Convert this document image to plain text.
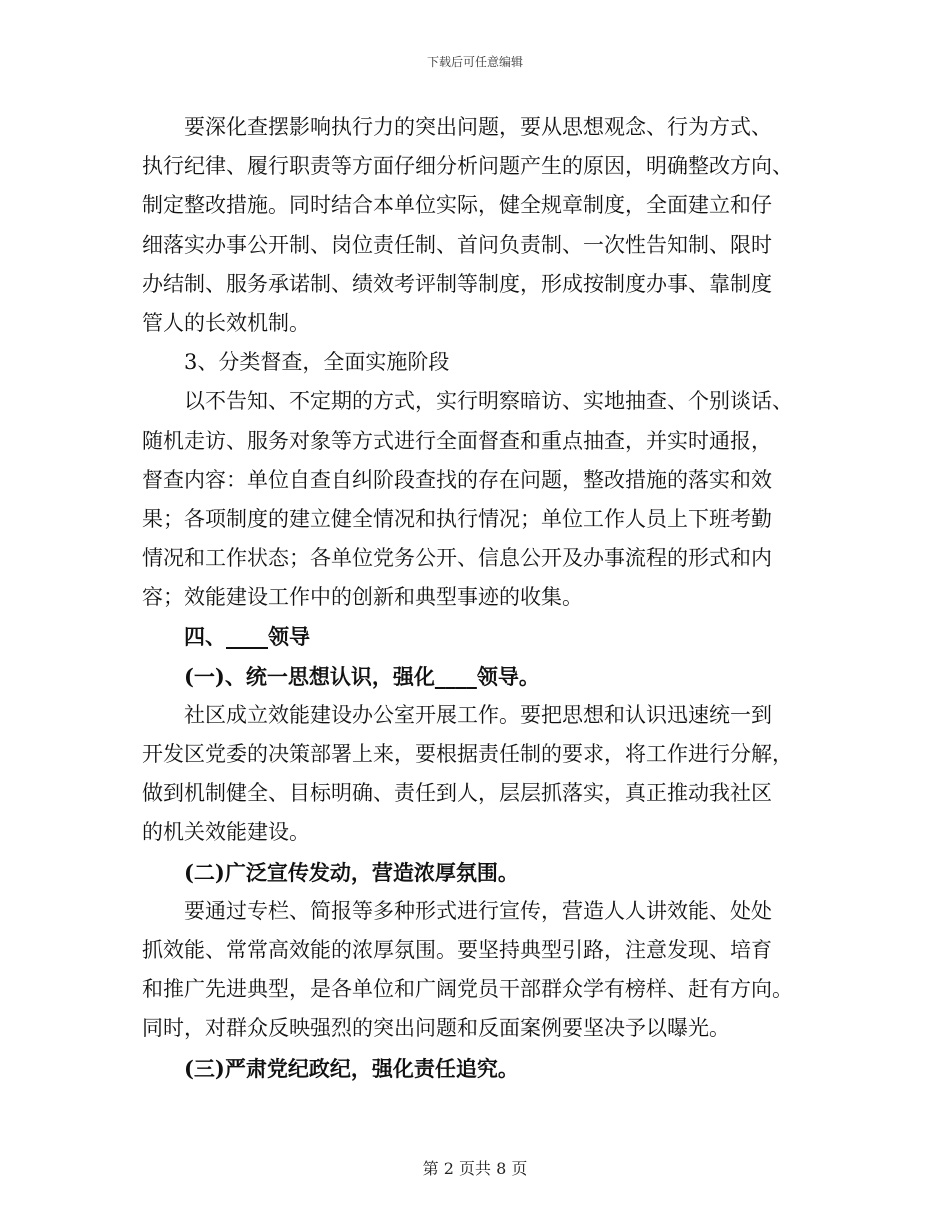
下载后可任意编辑
要深化查摆影响执行力的突出问题，要从思想观念、行为方式、
执行纪律、履行职责等方面仔细分析问题产生的原因，明确整改方向、
制定整改措施。同时结合本单位实际，健全规章制度，全面建立和仔
细落实办事公开制、岗位责任制、首问负责制、一次性告知制、限时
办结制、服务承诺制、绩效考评制等制度，形成按制度办事、靠制度
管人的长效机制。
3、分类督查，全面实施阶段
以不告知、不定期的方式，实行明察暗访、实地抽查、个别谈话、
随机走访、服务对象等方式进行全面督查和重点抽查，并实时通报，
督查内容：单位自查自纠阶段查找的存在问题，整改措施的落实和效
果；各项制度的建立健全情况和执行情况；单位工作人员上下班考勤
情况和工作状态；各单位党务公开、信息公开及办事流程的形式和内
容；效能建设工作中的创新和典型事迹的收集。
四、____领导
(一)、统一思想认识，强化____领导。
社区成立效能建设办公室开展工作。要把思想和认识迅速统一到
开发区党委的决策部署上来，要根据责任制的要求，将工作进行分解，
做到机制健全、目标明确、责任到人，层层抓落实，真正推动我社区
的机关效能建设。
(二)广泛宣传发动，营造浓厚氛围。
要通过专栏、简报等多种形式进行宣传，营造人人讲效能、处处
抓效能、常常高效能的浓厚氛围。要坚持典型引路，注意发现、培育
和推广先进典型，是各单位和广阔党员干部群众学有榜样、赶有方向。
同时，对群众反映强烈的突出问题和反面案例要坚决予以曝光。
(三)严肃党纪政纪，强化责任追究。
第 2 页共 8 页
